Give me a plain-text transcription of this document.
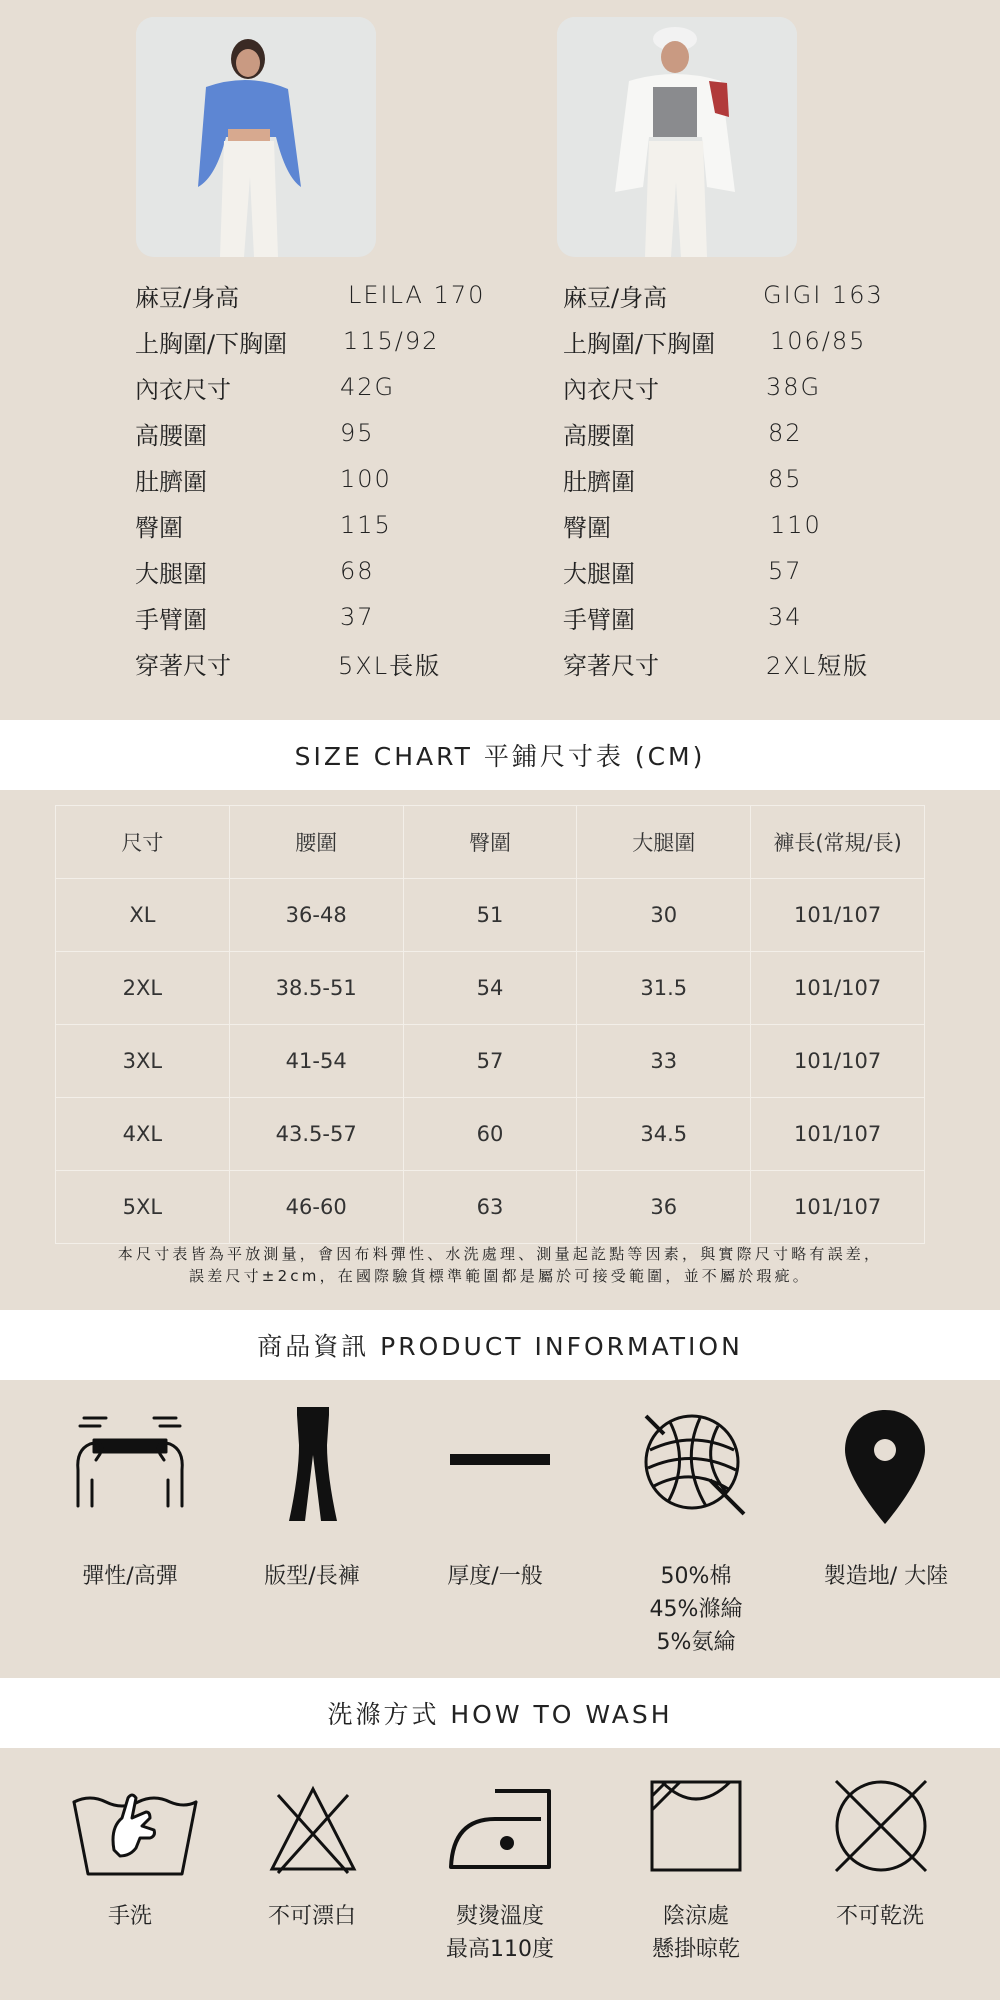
麻豆/身高	LEILA 170
上胸圍/下胸圍 115/92
內衣尺寸	42G
高腰圍	95
肚臍圍	100
臀圍	115
大腿圍	68
手臂圍	37
穿著尺寸	5XL長版
麻豆/身高	GIGI 163
上胸圍/下胸圍 106/85
內衣尺寸	38G
高腰圍	82
肚臍圍	85
臀圍	110
大腿圍	57
手臂圍	34
穿著尺寸	2XL短版
SIZE CHART 平鋪尺寸表 (CM)
尺寸	腰圍	臀圍	大腿圍	褲長(常規/長)
XL	36-48	51	30	101/107
2XL	38.5-51	54	31.5	101/107
3XL	41-54	57	33	101/107
4XL	43.5-57	60	34.5	101/107
5XL	46-60	63	36	101/107
本尺寸表皆為平放測量，會因布料彈性、水洗處理、測量起訖點等因素，與實際尺寸略有誤差，
誤差尺寸±2cm，在國際驗貨標準範圍都是屬於可接受範圍，並不屬於瑕疵。
商品資訊 PRODUCT INFORMATION
彈性/高彈	版型/長褲	厚度/一般	50%棉
45%滌綸
5%氨綸
製造地/ 大陸
洗滌方式 HOW TO WASH
手洗	不可漂白	熨燙溫度
最高110度
陰涼處
懸掛晾乾
不可乾洗
